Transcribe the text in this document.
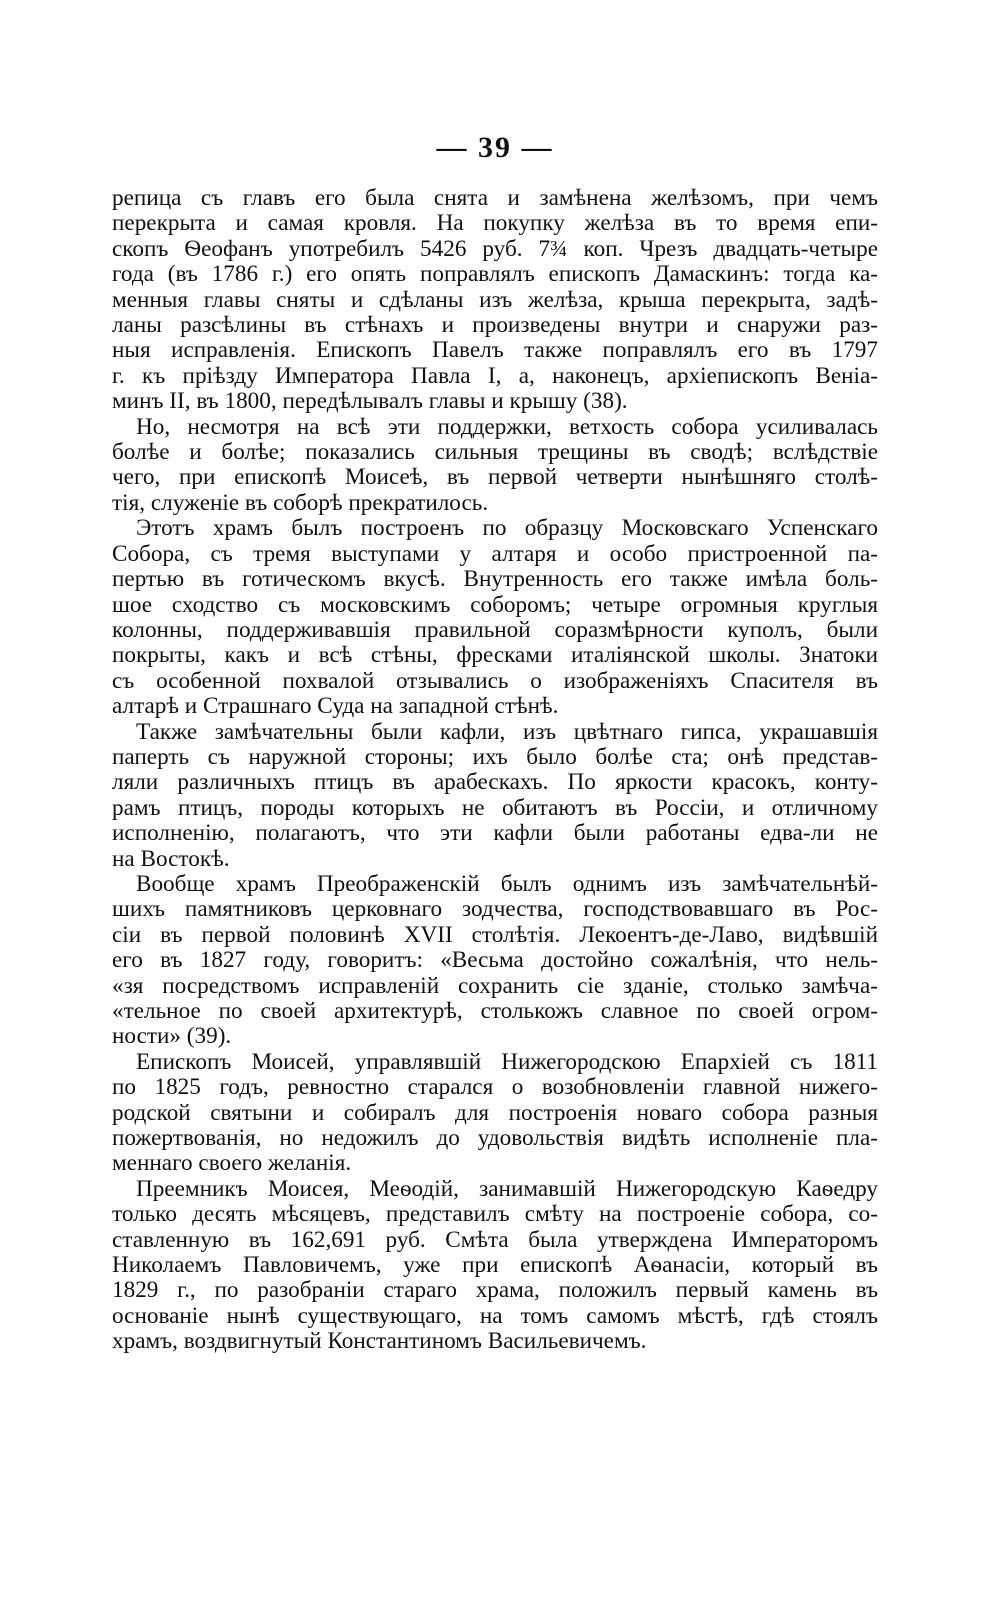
— 39 —

репица съ главъ его была снята и замѣнена желѣзомъ, при чемъ
перекрыта и самая кровля. На покупку желѣза въ то время епи-
скопъ Ѳеофанъ употребилъ 5426 руб. 7¾ коп. Чрезъ двадцать-четыре
года (въ 1786 г.) его опять поправлялъ епископъ Дамаскинъ: тогда ка-
менныя главы сняты и сдѣланы изъ желѣза, крыша перекрыта, задѣ-
ланы разсѣлины въ стѣнахъ и произведены внутри и снаружи раз-
ныя исправленія. Епископъ Павелъ также поправлялъ его въ 1797
г. къ пріѣзду Императора Павла I, а, наконецъ, архіепископъ Веніа-
минъ II, въ 1800, передѣлывалъ главы и крышу (38).

Но, несмотря на всѣ эти поддержки, ветхость собора усиливалась
болѣе и болѣе; показались сильныя трещины въ сводѣ; вслѣдствіе
чего, при епископѣ Моисеѣ, въ первой четверти нынѣшняго столѣ-
тія, служеніе въ соборѣ прекратилось.

Этотъ храмъ былъ построенъ по образцу Московскаго Успенскаго
Собора, съ тремя выступами у алтаря и особо пристроенной па-
пертью въ готическомъ вкусѣ. Внутренность его также имѣла боль-
шое сходство съ московскимъ соборомъ; четыре огромныя круглыя
колонны, поддерживавшія правильной соразмѣрности куполъ, были
покрыты, какъ и всѣ стѣны, фресками италіянской школы. Знатоки
съ особенной похвалой отзывались о изображеніяхъ Спасителя въ
алтарѣ и Страшнаго Суда на западной стѣнѣ.

Также замѣчательны были кафли, изъ цвѣтнаго гипса, украшавшія
паперть съ наружной стороны; ихъ было болѣе ста; онѣ представ-
ляли различныхъ птицъ въ арабескахъ. По яркости красокъ, конту-
рамъ птицъ, породы которыхъ не обитаютъ въ Россіи, и отличному
исполненію, полагаютъ, что эти кафли были работаны едва-ли не
на Востокѣ.

Вообще храмъ Преображенскій былъ однимъ изъ замѣчательнѣй-
шихъ памятниковъ церковнаго зодчества, господствовавшаго въ Рос-
сіи въ первой половинѣ XVII столѣтія. Лекоентъ-де-Лаво, видѣвшій
его въ 1827 году, говоритъ: «Весьма достойно сожалѣнія, что нель-
«зя посредствомъ исправленій сохранить сіе зданіе, столько замѣча-
«тельное по своей архитектурѣ, столькожъ славное по своей огром-
ности» (39).

Епископъ Моисей, управлявшій Нижегородскою Епархіей съ 1811
по 1825 годъ, ревностно старался о возобновленіи главной нижего-
родской святыни и собиралъ для построенія новаго собора разныя
пожертвованія, но недожилъ до удовольствія видѣть исполненіе пла-
меннаго своего желанія.

Преемникъ Моисея, Меѳодій, занимавшій Нижегородскую Каѳедру
только десять мѣсяцевъ, представилъ смѣту на построеніе собора, со-
ставленную въ 162,691 руб. Смѣта была утверждена Императоромъ
Николаемъ Павловичемъ, уже при епископѣ Аѳанасіи, который въ
1829 г., по разобраніи стараго храма, положилъ первый камень въ
основаніе нынѣ существующаго, на томъ самомъ мѣстѣ, гдѣ стоялъ
храмъ, воздвигнутый Константиномъ Васильевичемъ.
